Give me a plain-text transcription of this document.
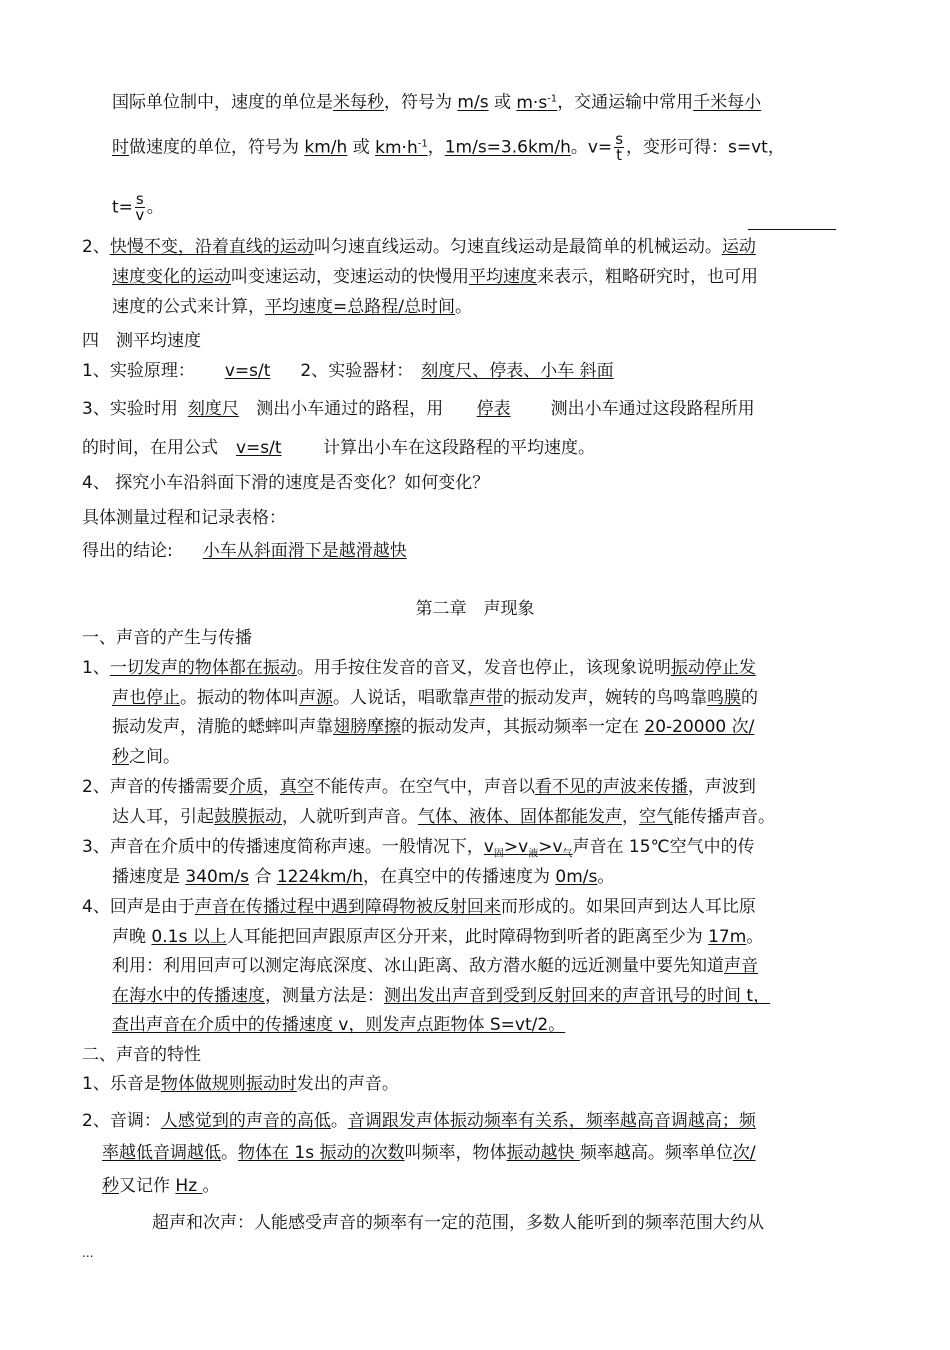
国际单位制中，速度的单位是米每秒，符号为 m/s 或 $m\cdot s^{-1}$，交通运输中常用千米每小
时做速度的单位，符号为 km/h 或 $km\cdot h^{-1}$，1m/s=3.6km/h。$v= \frac{s}{t}$ ，变形可得：s=vt，
$t= \frac{s}{v}$ 。
2、快慢不变，沿着直线的运动叫匀速直线运动。匀速直线运动是最简单的机械运动。运动
速度变化的运动叫变速运动，变速运动的快慢用平均速度来表示，粗略研究时，也可用
速度的公式来计算，平均速度=总路程/总时间。
四　测平均速度
1、实验原理： v=s/t 2、实验器材： 刻度尺、停表、小车 斜面
3、实验时用 刻度尺 测出小车通过的路程，用 停表 测出小车通过这段路程所用
的时间，在用公式 v=s/t 计算出小车在这段路程的平均速度。
4、 探究小车沿斜面下滑的速度是否变化？如何变化？
具体测量过程和记录表格：
得出的结论: 小车从斜面滑下是越滑越快
第二章　声现象
一、声音的产生与传播
1、一切发声的物体都在振动。用手按住发音的音叉，发音也停止，该现象说明振动停止发
声也停止。振动的物体叫声源。人说话，唱歌靠声带的振动发声，婉转的鸟鸣靠鸣膜的
振动发声，清脆的蟋蟀叫声靠翅膀摩擦的振动发声，其振动频率一定在 20-20000 次/
秒之间。
2、声音的传播需要介质，真空不能传声。在空气中，声音以看不见的声波来传播，声波到
达人耳，引起鼓膜振动，人就听到声音。气体、液体、固体都能发声，空气能传播声音。
3、声音在介质中的传播速度简称声速。一般情况下，$v_固>v_液>v_气$声音在 15℃空气中的传
播速度是 340m/s 合 1224km/h，在真空中的传播速度为 0m/s。
4、回声是由于声音在传播过程中遇到障碍物被反射回来而形成的。如果回声到达人耳比原
声晚 0.1s 以上人耳能把回声跟原声区分开来，此时障碍物到听者的距离至少为 17m。
利用：利用回声可以测定海底深度、冰山距离、敌方潜水艇的远近测量中要先知道声音
在海水中的传播速度，测量方法是：测出发出声音到受到反射回来的声音讯号的时间 t，
查出声音在介质中的传播速度 v，则发声点距物体 S=vt/2。
二、声音的特性
1、乐音是物体做规则振动时发出的声音。
2、音调：人感觉到的声音的高低。音调跟发声体振动频率有关系，频率越高音调越高；频
率越低音调越低。物体在 1s 振动的次数叫频率，物体振动越快 频率越高。频率单位次/
秒又记作 Hz 。
超声和次声：人能感受声音的频率有一定的范围，多数人能听到的频率范围大约从
...
